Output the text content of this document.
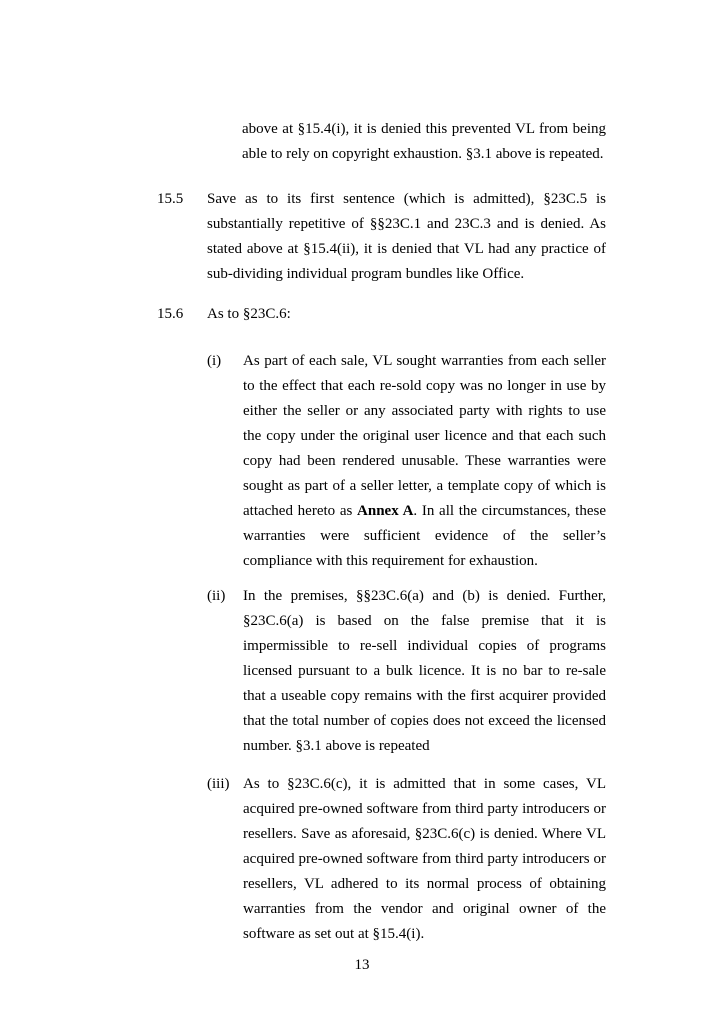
above at §15.4(i), it is denied this prevented VL from being able to rely on copyright exhaustion. §3.1 above is repeated.

15.5	Save as to its first sentence (which is admitted), §23C.5 is substantially repetitive of §§23C.1 and 23C.3 and is denied. As stated above at §15.4(ii), it is denied that VL had any practice of sub-dividing individual program bundles like Office.
15.6	As to §23C.6:
(i)	As part of each sale, VL sought warranties from each seller to the effect that each re-sold copy was no longer in use by either the seller or any associated party with rights to use the copy under the original user licence and that each such copy had been rendered unusable. These warranties were sought as part of a seller letter, a template copy of which is attached hereto as Annex A. In all the circumstances, these warranties were sufficient evidence of the seller’s compliance with this requirement for exhaustion.
(ii)	In the premises, §§23C.6(a) and (b) is denied. Further, §23C.6(a) is based on the false premise that it is impermissible to re-sell individual copies of programs licensed pursuant to a bulk licence. It is no bar to re-sale that a useable copy remains with the first acquirer provided that the total number of copies does not exceed the licensed number. §3.1 above is repeated
(iii) As to §23C.6(c), it is admitted that in some cases, VL acquired pre-owned software from third party introducers or resellers. Save as aforesaid, §23C.6(c) is denied. Where VL acquired pre-owned software from third party introducers or resellers, VL adhered to its normal process of obtaining warranties from the vendor and original owner of the software as set out at §15.4(i).
13
